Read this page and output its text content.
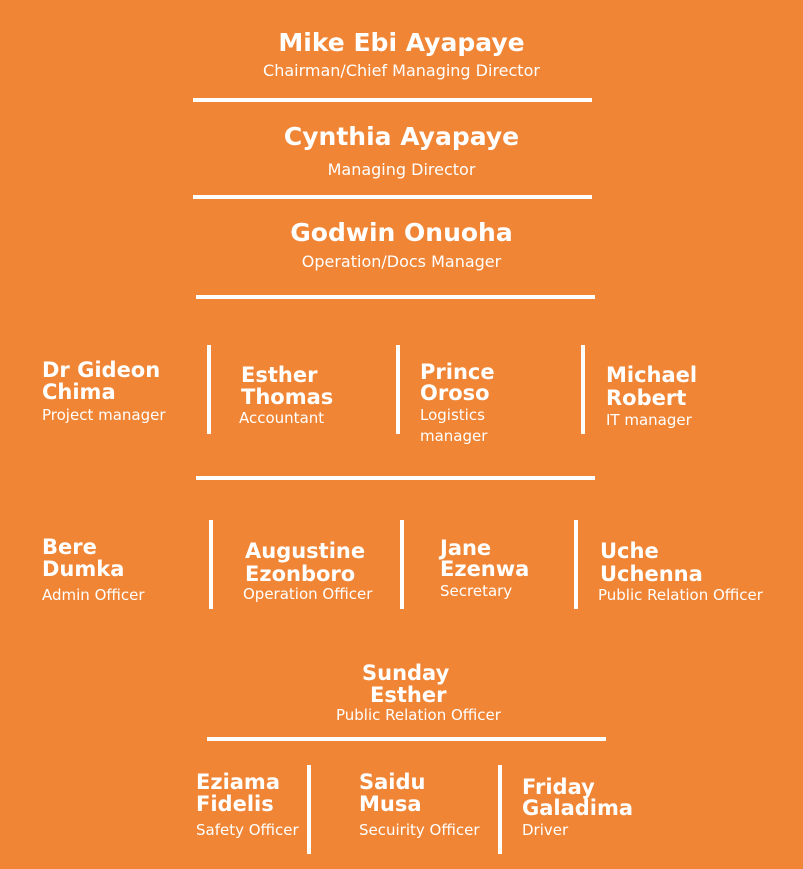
Mike Ebi Ayapaye
Chairman/Chief Managing Director
Cynthia Ayapaye
Managing Director
Godwin Onuoha
Operation/Docs Manager
Dr Gideon
Chima
Project manager
Esther
Thomas
Accountant
Prince
Oroso
Logistics
manager
Michael
Robert
IT manager
Bere
Dumka
Admin Officer
Augustine
Ezonboro
Operation Officer
Jane
Ezenwa
Secretary
Uche
Uchenna
Public Relation Officer
Sunday
Esther
Public Relation Officer
Eziama
Fidelis
Safety Officer
Saidu
Musa
Secuirity Officer
Friday
Galadima
Driver
